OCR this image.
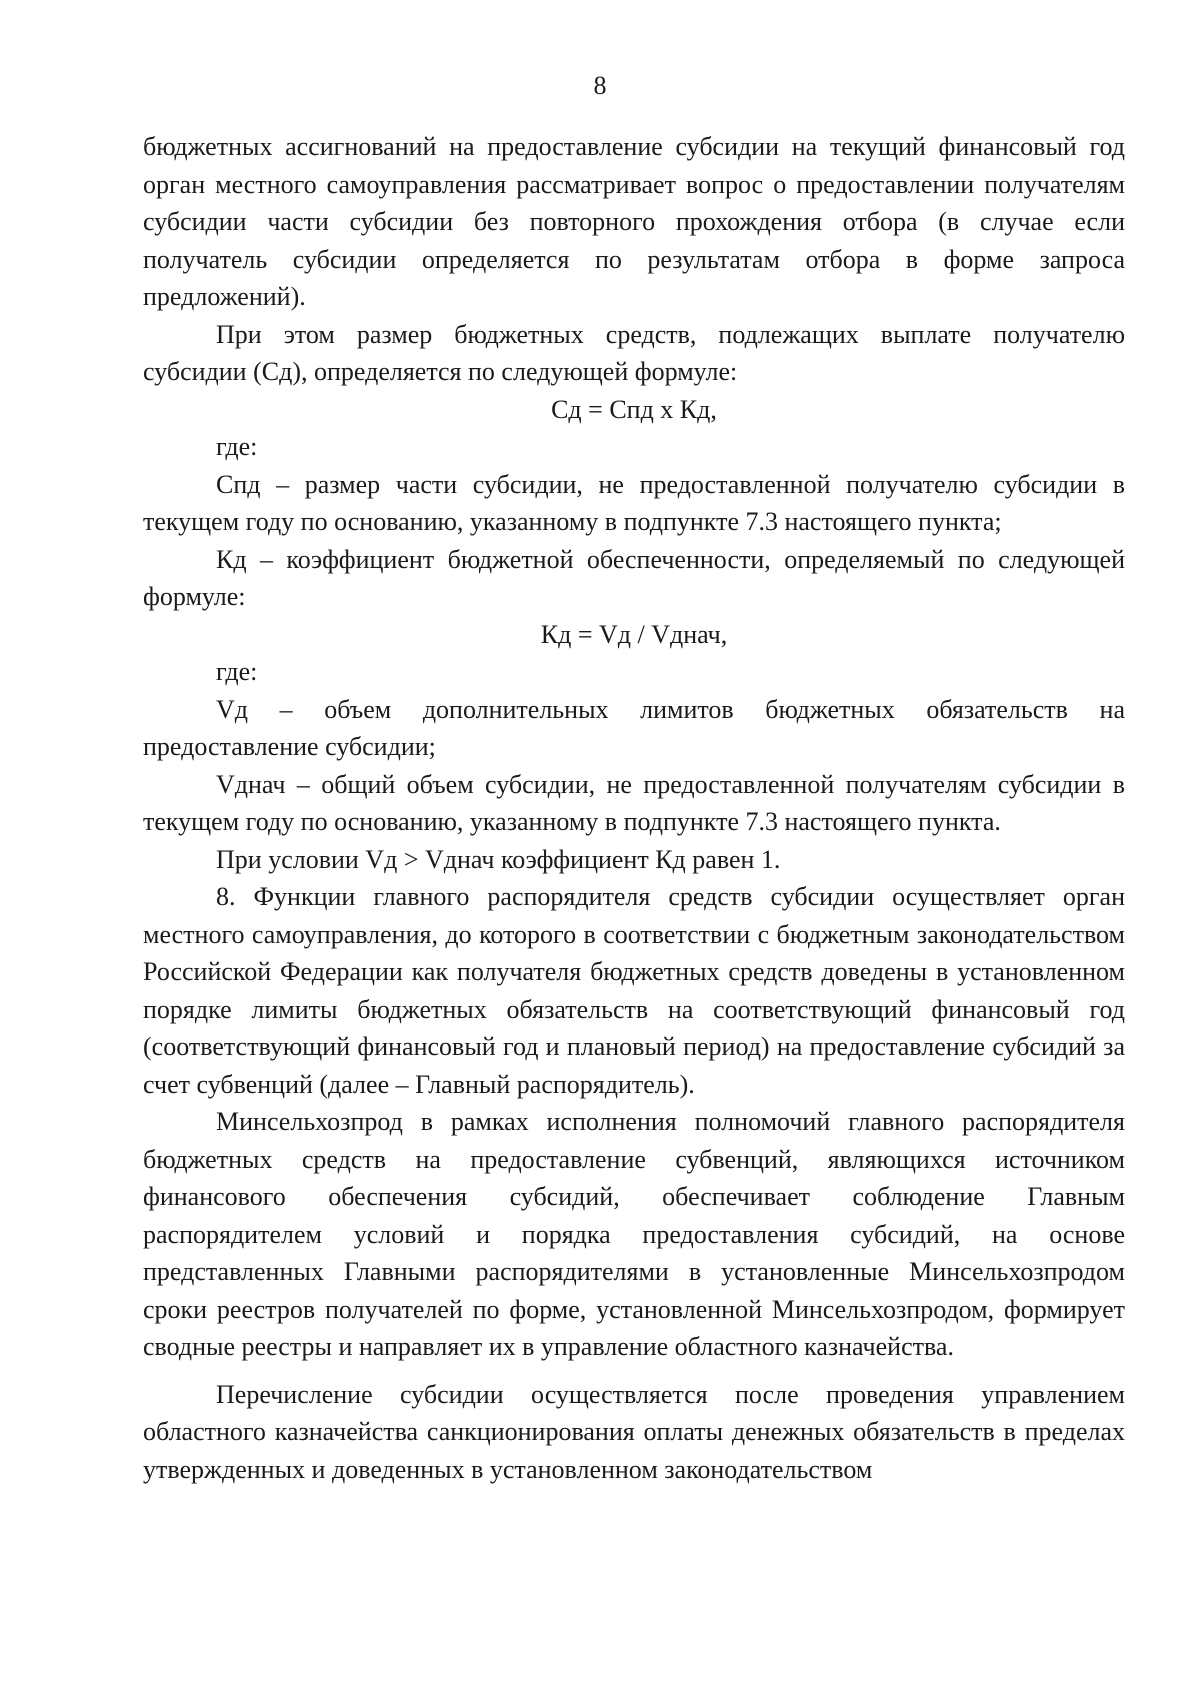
8

бюджетных ассигнований на предоставление субсидии на текущий финансовый год орган местного самоуправления рассматривает вопрос о предоставлении получателям субсидии части субсидии без повторного прохождения отбора (в случае если получатель субсидии определяется по результатам отбора в форме запроса предложений).

При этом размер бюджетных средств, подлежащих выплате получателю субсидии (Сд), определяется по следующей формуле:

Сд = Спд x Кд,

где:

Спд – размер части субсидии, не предоставленной получателю субсидии в текущем году по основанию, указанному в подпункте 7.3 настоящего пункта;

Кд – коэффициент бюджетной обеспеченности, определяемый по следующей формуле:

Кд = Vд / Vднач,

где:

Vд – объем дополнительных лимитов бюджетных обязательств на предоставление субсидии;

Vднач – общий объем субсидии, не предоставленной получателям субсидии в текущем году по основанию, указанному в подпункте 7.3 настоящего пункта.

При условии Vд > Vднач коэффициент Кд равен 1.

8. Функции главного распорядителя средств субсидии осуществляет орган местного самоуправления, до которого в соответствии с бюджетным законодательством Российской Федерации как получателя бюджетных средств доведены в установленном порядке лимиты бюджетных обязательств на соответствующий финансовый год (соответствующий финансовый год и плановый период) на предоставление субсидий за счет субвенций (далее – Главный распорядитель).

Минсельхозпрод в рамках исполнения полномочий главного распорядителя бюджетных средств на предоставление субвенций, являющихся источником финансового обеспечения субсидий, обеспечивает соблюдение Главным распорядителем условий и порядка предоставления субсидий, на основе представленных Главными распорядителями в установленные Минсельхозпродом сроки реестров получателей по форме, установленной Минсельхозпродом, формирует сводные реестры и направляет их в управление областного казначейства.

Перечисление субсидии осуществляется после проведения управлением областного казначейства санкционирования оплаты денежных обязательств в пределах утвержденных и доведенных в установленном законодательством
